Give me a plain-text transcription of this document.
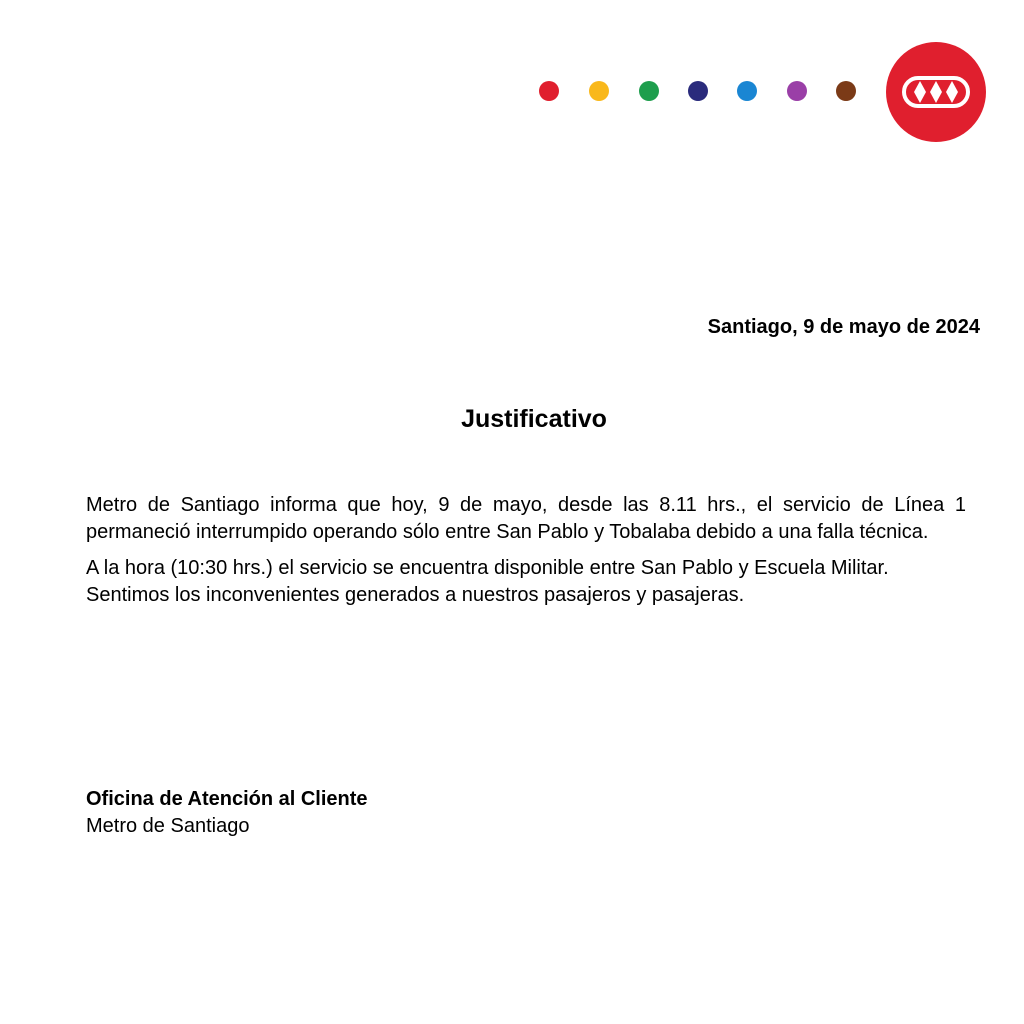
Santiago, 9 de mayo de 2024
Justificativo

Metro de Santiago informa que hoy, 9 de mayo, desde las 8.11 hrs., el servicio de Línea 1 permaneció interrumpido operando sólo entre San Pablo y Tobalaba debido a una falla técnica.

A la hora (10:30 hrs.) el servicio se encuentra disponible entre San Pablo y Escuela Militar. Sentimos los inconvenientes generados a nuestros pasajeros y pasajeras.

Oficina de Atención al Cliente
Metro de Santiago
